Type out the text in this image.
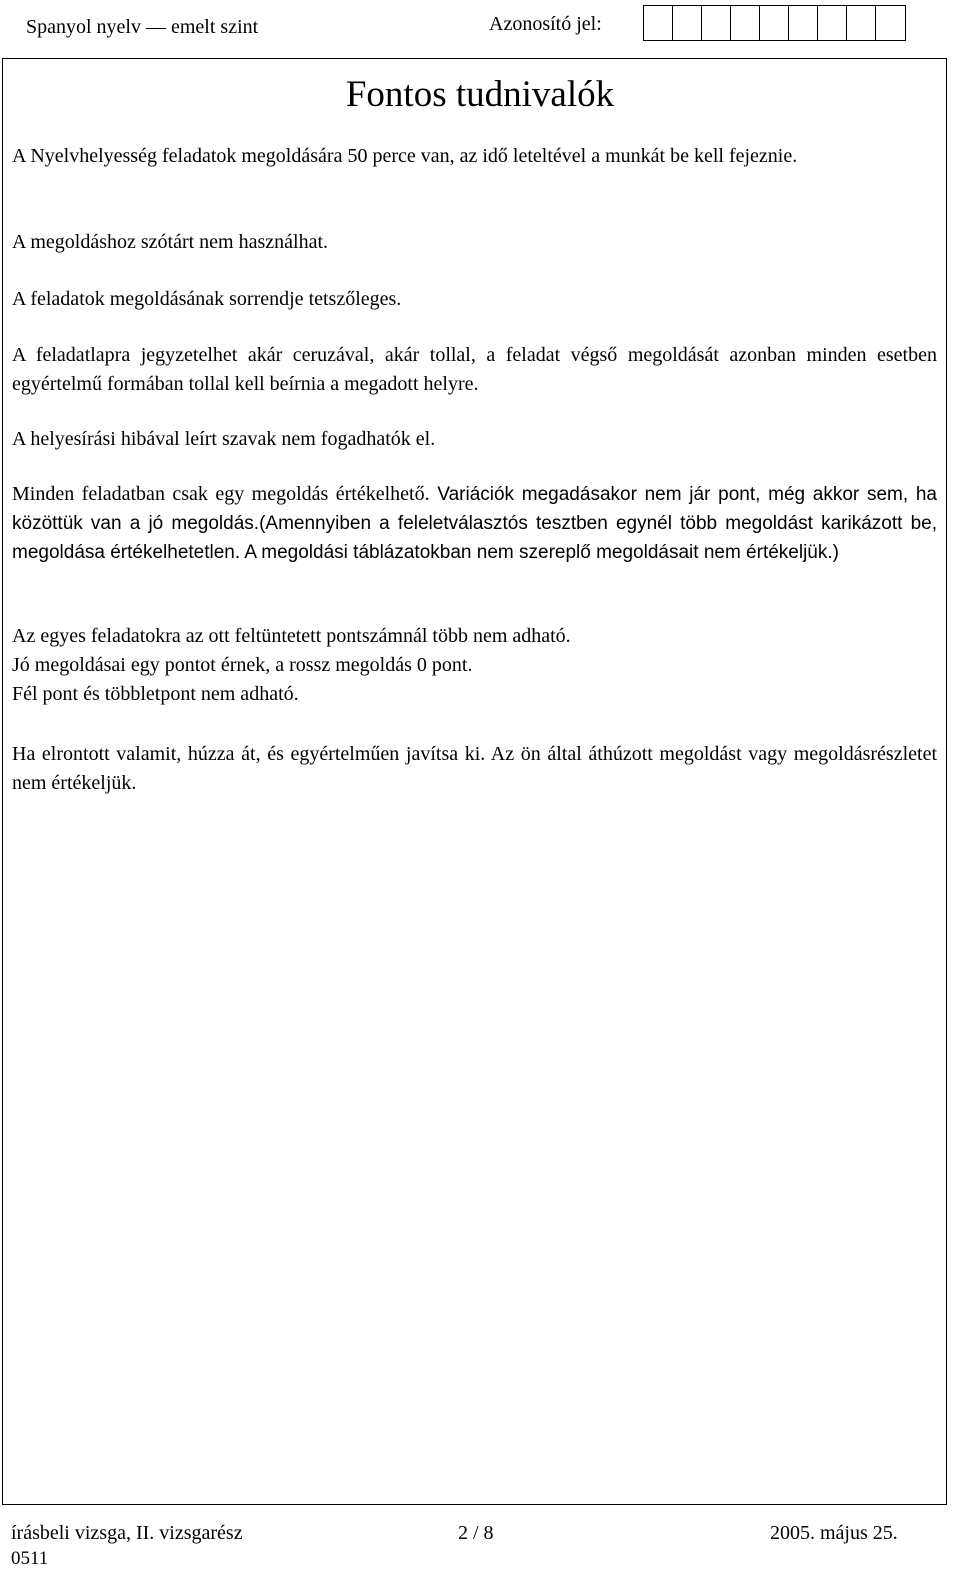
Spanyol nyelv — emelt szint	Azonosító jel:
Fontos tudnivalók

A Nyelvhelyesség feladatok megoldására 50 perce van, az idő leteltével a munkát be kell fejeznie.

A megoldáshoz szótárt nem használhat.

A feladatok megoldásának sorrendje tetszőleges.

A feladatlapra jegyzetelhet akár ceruzával, akár tollal, a feladat végső megoldását azonban minden esetben egyértelmű formában tollal kell beírnia a megadott helyre.

A helyesírási hibával leírt szavak nem fogadhatók el.

Minden feladatban csak egy megoldás értékelhető. Variációk megadásakor nem jár pont, még akkor sem, ha közöttük van a jó megoldás.(Amennyiben a feleletválasztós tesztben egynél több megoldást karikázott be, megoldása értékelhetetlen. A megoldási táblázatokban nem szereplő megoldásait nem értékeljük.)

Az egyes feladatokra az ott feltüntetett pontszámnál több nem adható.
Jó megoldásai egy pontot érnek, a rossz megoldás 0 pont.
Fél pont és többletpont nem adható.

Ha elrontott valamit, húzza át, és egyértelműen javítsa ki. Az ön által áthúzott megoldást vagy megoldásrészletet nem értékeljük.

írásbeli vizsga, II. vizsgarész	2 / 8	2005. május 25.
0511
